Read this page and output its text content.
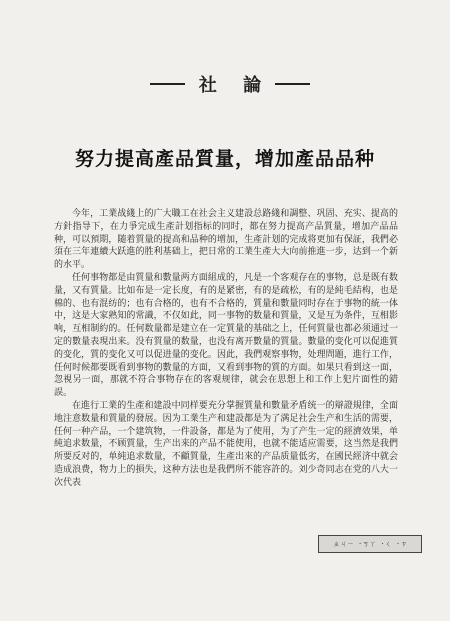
社 論
努力提高產品質量，增加產品品种

今年，工業战綫上的广大職工在社会主义建設总路綫和調整、巩固、充实、提高的方針指导下，在力爭完成生產計划指标的同时，都在努力提高产品質量，增加产品品种，可以預期，随着質量的提高和品种的增加，生產計划的完成将更加有保証，我們必須在三年連續大跃進的胜利基础上，把日常的工業生產大大向前推進一步，达到一个新的水平。

任何事物都是由質量和數量两方面組成的，凡是一个客观存在的事物，总是既有数量，又有質量。比如布是一定长度，有的是紧密，有的是疏松，有的是純毛結构，也是棉的、也有混纺的；也有合格的，也有不合格的，質量和數量同时存在于事物的統一体中，这是大家熟知的常識，不仅如此，同一事物的数量和質量，又是互为条件，互相影响，互相制約的。任何数量都是建立在一定質量的基础之上，任何質量也都必须通过一定的數量表現出来。没有質量的数量，也没有离开數量的質量。數量的变化可以促進質的变化，質的变化又可以促进量的变化。因此，我們观察事物，处理問題，進行工作，任何时候都要既看到事物的數量的方面，又看到事物的質的方面。如果只看到这一面，忽視另一面，那就不符合事物存在的客观规律，就会在思想上和工作上犯片面性的錯誤。

在進行工業的生產和建設中同样要充分掌握質量和數量矛盾统一的辯證規律，全面地注意数量和質量的發展。因为工業生产和建設都是为了满足社会生产和生活的需要，任何一种产品，一个建筑物，一件設备，都是为了使用，为了产生一定的經濟效果，单純追求数量，不顾質量，生产出来的产品不能使用，也就不能适应需要，这当然是我們所要反对的，单純追求数量，不顧質量，生產出來的产品质量低劣，在國民經济中就会造成浪费，物力上的損失，这种方法也是我們所不能容許的。刘少奇同志在党的八大一次代表

ㄓㄐㄧ ·ㄎㄚ ·ㄑ ·ㄗ
